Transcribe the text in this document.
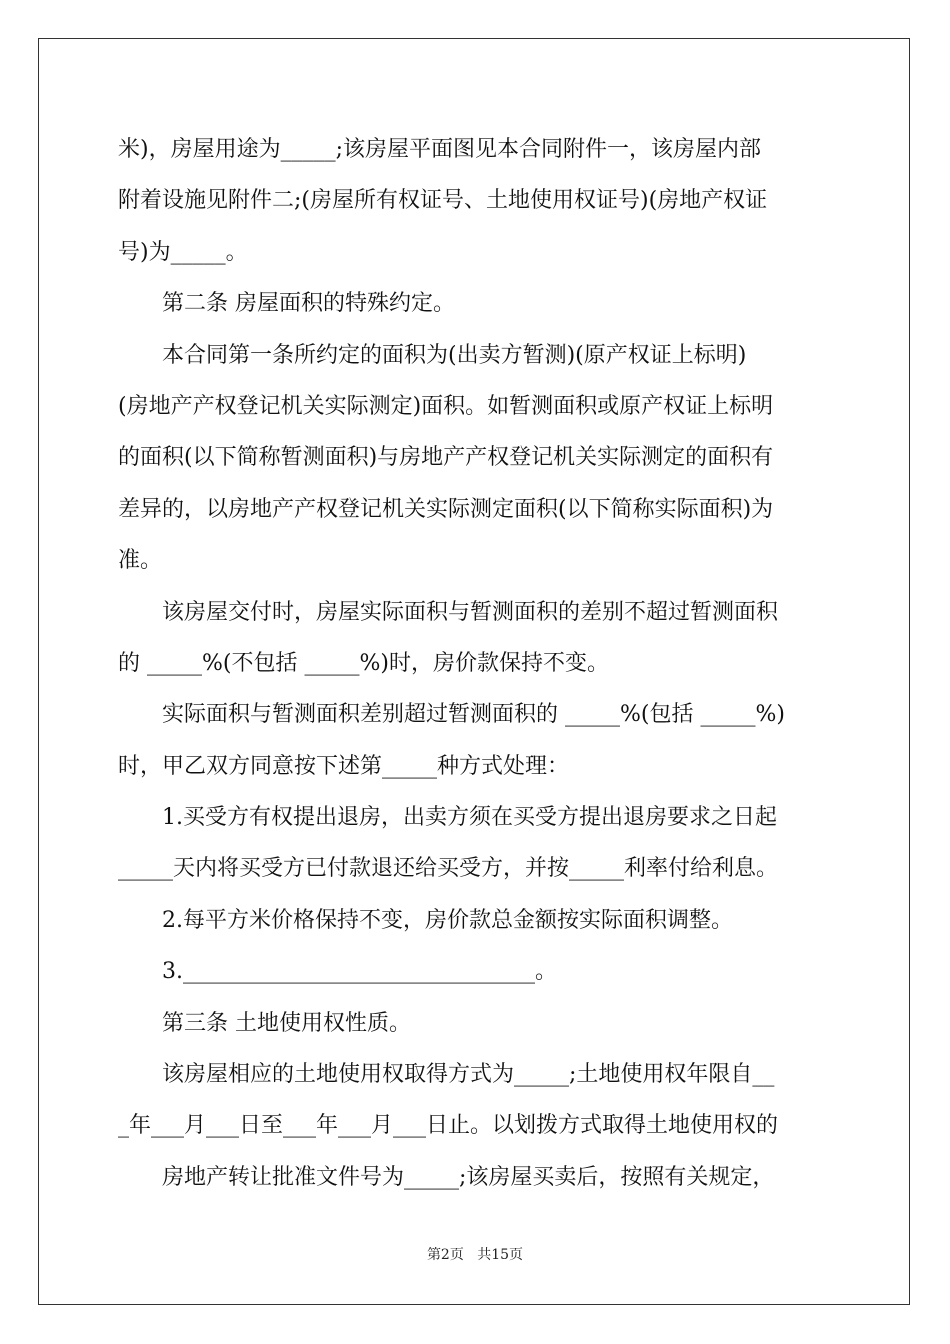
米)，房屋用途为_____;该房屋平面图见本合同附件一，该房屋内部
附着设施见附件二;(房屋所有权证号、土地使用权证号)(房地产权证
号)为_____。
第二条 房屋面积的特殊约定。
本合同第一条所约定的面积为(出卖方暂测)(原产权证上标明)
(房地产产权登记机关实际测定)面积。如暂测面积或原产权证上标明
的面积(以下简称暂测面积)与房地产产权登记机关实际测定的面积有
差异的，以房地产产权登记机关实际测定面积(以下简称实际面积)为
准。
该房屋交付时，房屋实际面积与暂测面积的差别不超过暂测面积
的 _____%(不包括 _____%)时，房价款保持不变。
实际面积与暂测面积差别超过暂测面积的 _____%(包括 _____%)
时，甲乙双方同意按下述第_____种方式处理：
1.买受方有权提出退房，出卖方须在买受方提出退房要求之日起
_____天内将买受方已付款退还给买受方，并按_____利率付给利息。
2.每平方米价格保持不变，房价款总金额按实际面积调整。
3.________________________________。
第三条 土地使用权性质。
该房屋相应的土地使用权取得方式为_____;土地使用权年限自__
_年___月___日至___年___月___日止。以划拨方式取得土地使用权的
房地产转让批准文件号为_____;该房屋买卖后，按照有关规定，
第2页 共15页
